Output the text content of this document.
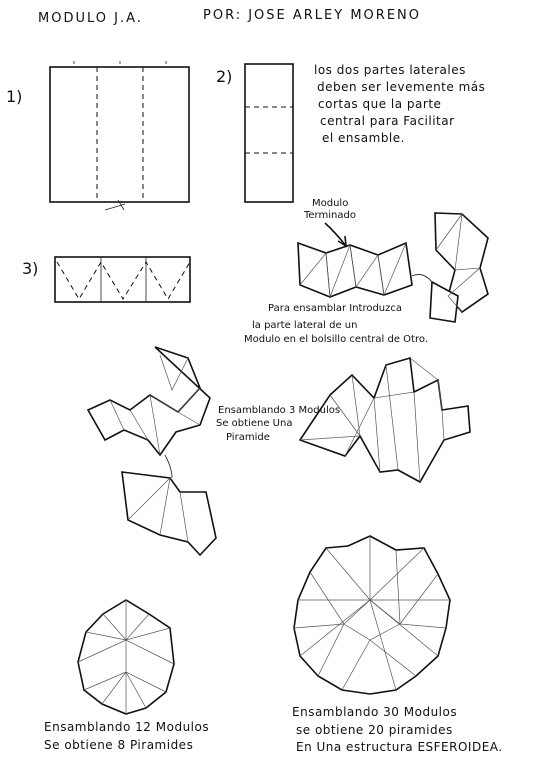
MODULO J.A.	POR: JOSE ARLEY MORENO
1)
2)
3)
los dos partes laterales
deben ser levemente más
cortas que la parte
central para Facilitar
el ensamble.
Modulo
Terminado
Para ensamblar Introduzca
la parte lateral de un
Modulo en el bolsillo central de Otro.
Ensamblando 3 Modulos
Se obtiene Una
Piramide
Ensamblando 12 Modulos
Se obtiene 8 Piramides
Ensamblando 30 Modulos
se obtiene 20 piramides
En Una estructura ESFEROIDEA.
